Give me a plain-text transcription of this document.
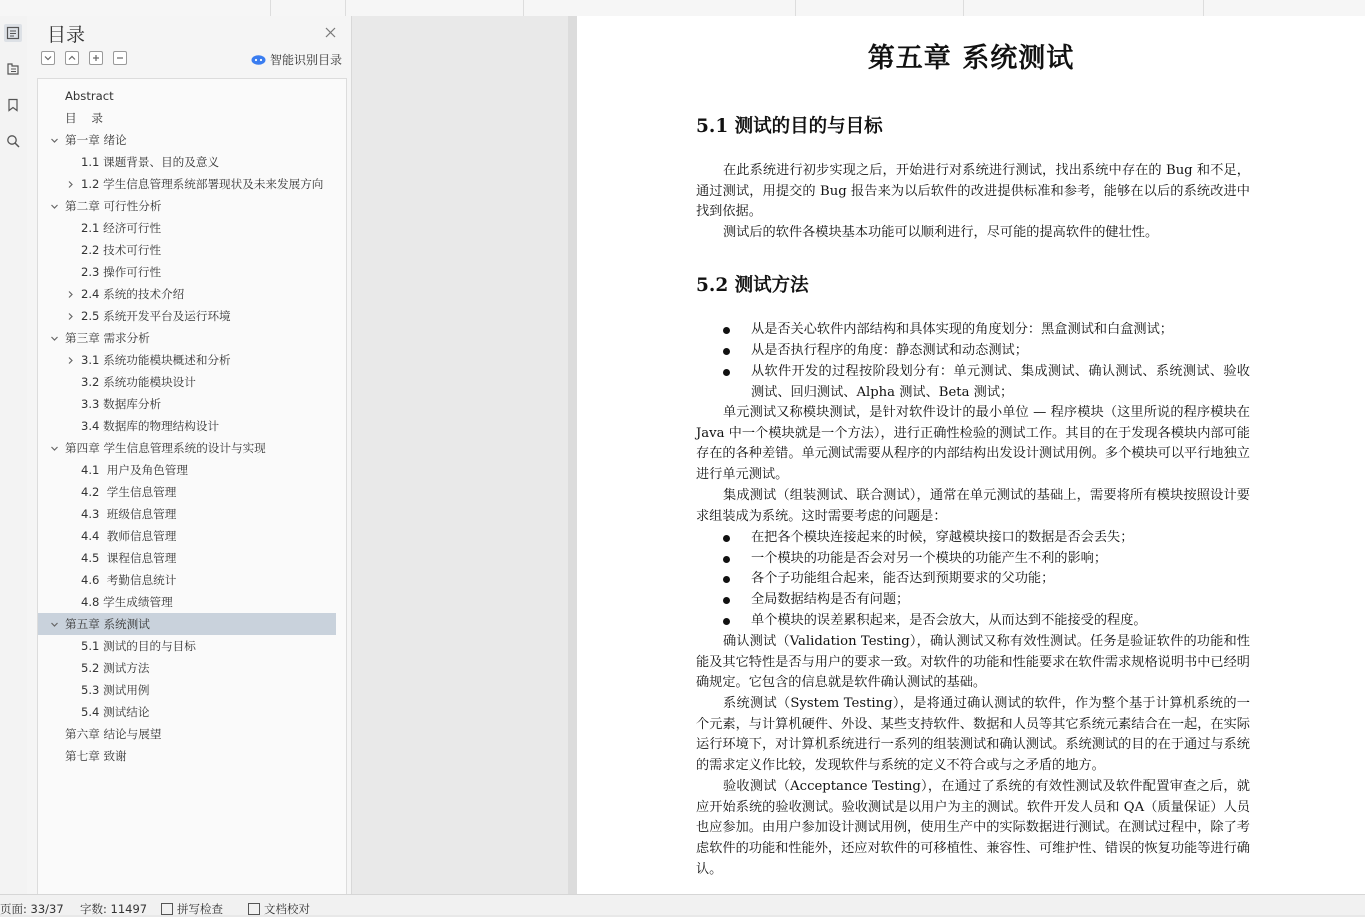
目录
智能识别目录
Abstract
目    录
第一章 绪论
1.1 课题背景、目的及意义
1.2 学生信息管理系统部署现状及未来发展方向
第二章 可行性分析
2.1 经济可行性
2.2 技术可行性
2.3 操作可行性
2.4 系统的技术介绍
2.5 系统开发平台及运行环境
第三章 需求分析
3.1 系统功能模块概述和分析
3.2 系统功能模块设计
3.3 数据库分析
3.4 数据库的物理结构设计
第四章 学生信息管理系统的设计与实现
4.1  用户及角色管理
4.2  学生信息管理
4.3  班级信息管理
4.4  教师信息管理
4.5  课程信息管理
4.6  考勤信息统计
4.8 学生成绩管理
第五章 系统测试
5.1 测试的目的与目标
5.2 测试方法
5.3 测试用例
5.4 测试结论
第六章 结论与展望
第七章 致谢
第五章 系统测试
5.1 测试的目的与目标
在此系统进行初步实现之后，开始进行对系统进行测试，找出系统中存在的 Bug 和不足，通过测试，用提交的 Bug 报告来为以后软件的改进提供标准和参考，能够在以后的系统改进中找到依据。
测试后的软件各模块基本功能可以顺利进行，尽可能的提高软件的健壮性。
5.2 测试方法
从是否关心软件内部结构和具体实现的角度划分：黑盒测试和白盒测试；
从是否执行程序的角度：静态测试和动态测试；
从软件开发的过程按阶段划分有：单元测试、集成测试、确认测试、系统测试、验收测试、回归测试、Alpha 测试、Beta 测试；
单元测试又称模块测试，是针对软件设计的最小单位 — 程序模块（这里所说的程序模块在 Java 中一个模块就是一个方法），进行正确性检验的测试工作。其目的在于发现各模块内部可能存在的各种差错。单元测试需要从程序的内部结构出发设计测试用例。多个模块可以平行地独立进行单元测试。
集成测试（组装测试、联合测试），通常在单元测试的基础上，需要将所有模块按照设计要求组装成为系统。这时需要考虑的问题是：
在把各个模块连接起来的时候，穿越模块接口的数据是否会丢失；
一个模块的功能是否会对另一个模块的功能产生不利的影响；
各个子功能组合起来，能否达到预期要求的父功能；
全局数据结构是否有问题；
单个模块的误差累积起来，是否会放大，从而达到不能接受的程度。
确认测试（Validation Testing），确认测试又称有效性测试。任务是验证软件的功能和性能及其它特性是否与用户的要求一致。对软件的功能和性能要求在软件需求规格说明书中已经明确规定。它包含的信息就是软件确认测试的基础。
系统测试（System Testing），是将通过确认测试的软件，作为整个基于计算机系统的一个元素，与计算机硬件、外设、某些支持软件、数据和人员等其它系统元素结合在一起，在实际运行环境下，对计算机系统进行一系列的组装测试和确认测试。系统测试的目的在于通过与系统的需求定义作比较，发现软件与系统的定义不符合或与之矛盾的地方。
验收测试（Acceptance Testing），在通过了系统的有效性测试及软件配置审查之后，就应开始系统的验收测试。验收测试是以用户为主的测试。软件开发人员和 QA（质量保证）人员也应参加。由用户参加设计测试用例，使用生产中的实际数据进行测试。在测试过程中，除了考虑软件的功能和性能外，还应对软件的可移植性、兼容性、可维护性、错误的恢复功能等进行确认。
页面: 33/37 字数: 11497	拼写检查	文档校对
